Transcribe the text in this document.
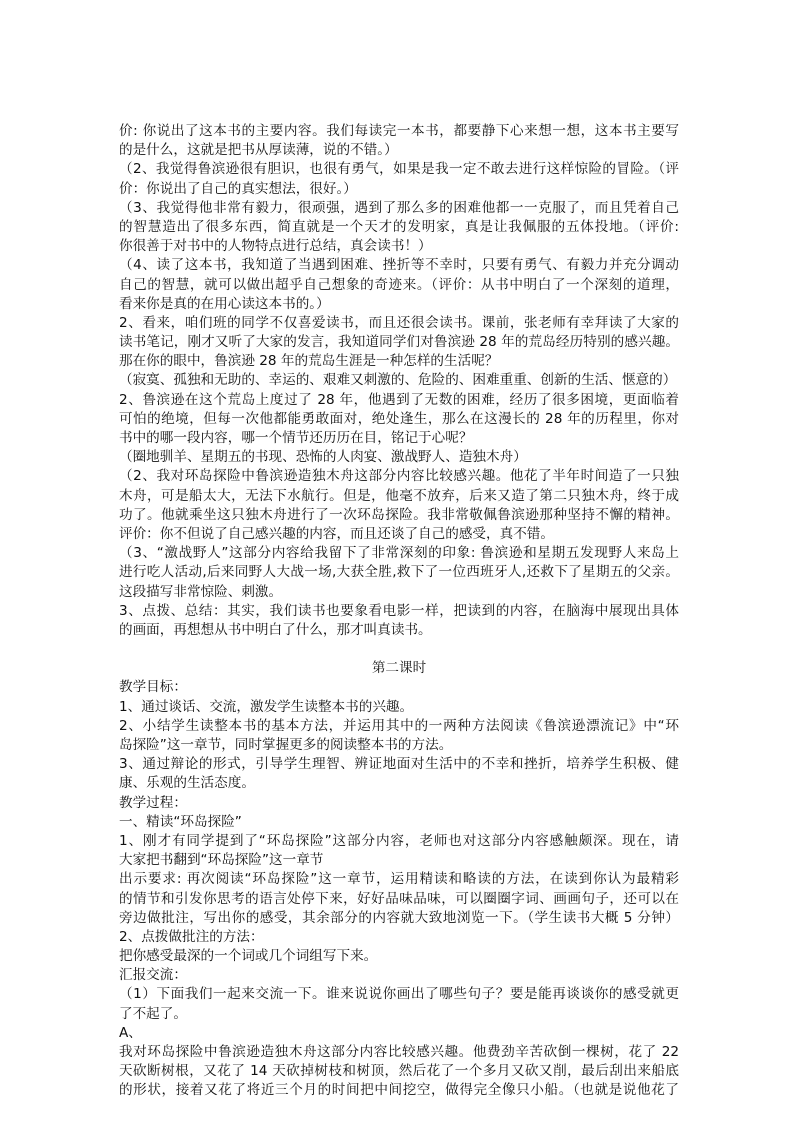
价: 你说出了这本书的主要内容。我们每读完一本书，都要静下心来想一想，这本书主要写
的是什么，这就是把书从厚读薄，说的不错。）
（2、我觉得鲁滨逊很有胆识，也很有勇气，如果是我一定不敢去进行这样惊险的冒险。（评
价：你说出了自己的真实想法，很好。）
（3、我觉得他非常有毅力，很顽强，遇到了那么多的困难他都一一克服了，而且凭着自己
的智慧造出了很多东西，简直就是一个天才的发明家，真是让我佩服的五体投地。（评价:
你很善于对书中的人物特点进行总结，真会读书！）
（4、读了这本书，我知道了当遇到困难、挫折等不幸时，只要有勇气、有毅力并充分调动
自己的智慧，就可以做出超乎自己想象的奇迹来。（评价：从书中明白了一个深刻的道理，
看来你是真的在用心读这本书的。）
2、看来，咱们班的同学不仅喜爱读书，而且还很会读书。课前，张老师有幸拜读了大家的
读书笔记，刚才又听了大家的发言，我知道同学们对鲁滨逊 28 年的荒岛经历特别的感兴趣。
那在你的眼中，鲁滨逊 28 年的荒岛生涯是一种怎样的生活呢？
（寂寞、孤独和无助的、幸运的、艰难又刺激的、危险的、困难重重、创新的生活、惬意的）
2、鲁滨逊在这个荒岛上度过了 28 年，他遇到了无数的困难，经历了很多困境，更面临着
可怕的绝境，但每一次他都能勇敢面对，绝处逢生，那么在这漫长的 28 年的历程里，你对
书中的哪一段内容，哪一个情节还历历在目，铭记于心呢？
（圈地驯羊、星期五的书现、恐怖的人肉宴、激战野人、造独木舟）
（2、我对环岛探险中鲁滨逊造独木舟这部分内容比较感兴趣。他花了半年时间造了一只独
木舟，可是船太大，无法下水航行。但是，他毫不放弃，后来又造了第二只独木舟，终于成
功了。他就乘坐这只独木舟进行了一次环岛探险。我非常敬佩鲁滨逊那种坚持不懈的精神。
评价：你不但说了自己感兴趣的内容，而且还谈了自己的感受，真不错。
（3、“激战野人”这部分内容给我留下了非常深刻的印象: 鲁滨逊和星期五发现野人来岛上
进行吃人活动,后来同野人大战一场,大获全胜,救下了一位西班牙人,还救下了星期五的父亲。
这段描写非常惊险、刺激。
3、点拨、总结：其实，我们读书也要象看电影一样，把读到的内容，在脑海中展现出具体
的画面，再想想从书中明白了什么，那才叫真读书。
第二课时
教学目标：
1、通过谈话、交流，激发学生读整本书的兴趣。
2、小结学生读整本书的基本方法，并运用其中的一两种方法阅读《鲁滨逊漂流记》中“环
岛探险”这一章节，同时掌握更多的阅读整本书的方法。
3、通过辩论的形式，引导学生理智、辨证地面对生活中的不幸和挫折，培养学生积极、健
康、乐观的生活态度。
教学过程：
一、精读“环岛探险”
1、刚才有同学提到了“环岛探险”这部分内容，老师也对这部分内容感触颇深。现在，请
大家把书翻到“环岛探险”这一章节
出示要求: 再次阅读“环岛探险”这一章节，运用精读和略读的方法，在读到你认为最精彩
的情节和引发你思考的语言处停下来，好好品味品味，可以圈圈字词、画画句子，还可以在
旁边做批注，写出你的感受，其余部分的内容就大致地浏览一下。（学生读书大概 5 分钟）
2、点拨做批注的方法：
把你感受最深的一个词或几个词组写下来。
汇报交流：
（1）下面我们一起来交流一下。谁来说说你画出了哪些句子？要是能再谈谈你的感受就更
了不起了。
A、
我对环岛探险中鲁滨逊造独木舟这部分内容比较感兴趣。他费劲辛苦砍倒一棵树，花了 22
天砍断树根，又花了 14 天砍掉树枝和树顶，然后花了一个多月又砍又削，最后刮出来船底
的形状，接着又花了将近三个月的时间把中间挖空，做得完全像只小船。（也就是说他花了
